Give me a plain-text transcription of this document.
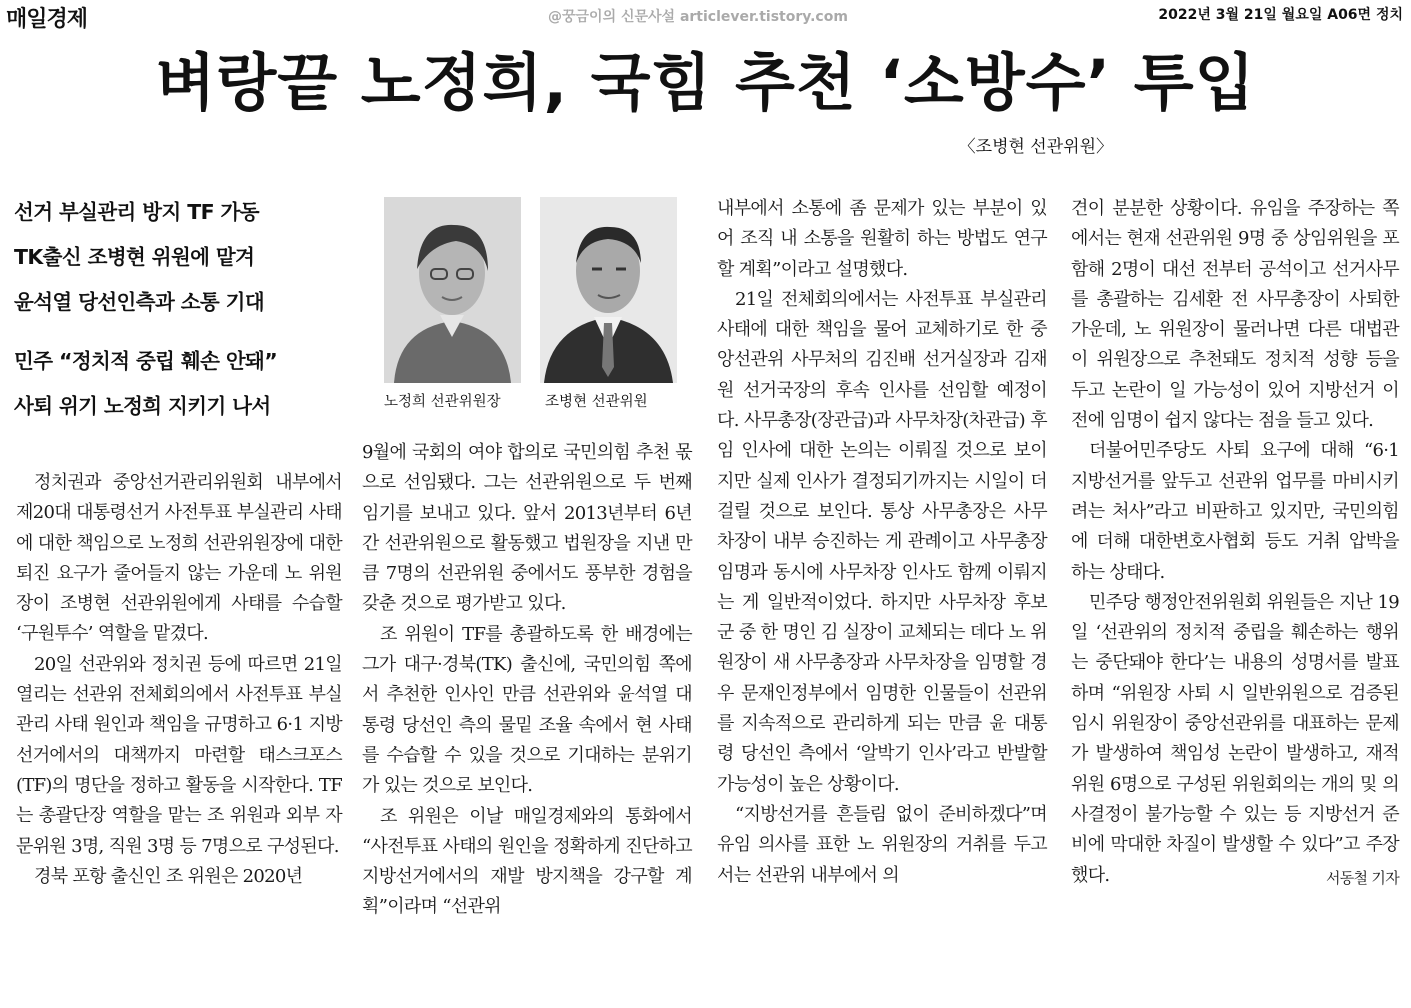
매일경제	@꿍금이의 신문사설 articlever.tistory.com	2022년 3월 21일 월요일 A06면 정치
벼랑끝 노정희, 국힘 추천 ‘소방수’ 투입
〈조병현 선관위원〉
선거 부실관리 방지 TF 가동
TK출신 조병현 위원에 맡겨
윤석열 당선인측과 소통 기대
민주 “정치적 중립 훼손 안돼”
사퇴 위기 노정희 지키기 나서	노정희 선관위원장	조병현 선관위원

정치권과 중앙선거관리위원회 내부에서 제20대 대통령선거 사전투표 부실관리 사태에 대한 책임으로 노정희 선관위원장에 대한 퇴진 요구가 줄어들지 않는 가운데 노 위원장이 조병현 선관위원에게 사태를 수습할 ‘구원투수’ 역할을 맡겼다.

20일 선관위와 정치권 등에 따르면 21일 열리는 선관위 전체회의에서 사전투표 부실관리 사태 원인과 책임을 규명하고 6·1 지방선거에서의 대책까지 마련할 태스크포스(TF)의 명단을 정하고 활동을 시작한다. TF는 총괄단장 역할을 맡는 조 위원과 외부 자문위원 3명, 직원 3명 등 7명으로 구성된다.

경북 포항 출신인 조 위원은 2020년

9월에 국회의 여야 합의로 국민의힘 추천 몫으로 선임됐다. 그는 선관위원으로 두 번째 임기를 보내고 있다. 앞서 2013년부터 6년간 선관위원으로 활동했고 법원장을 지낸 만큼 7명의 선관위원 중에서도 풍부한 경험을 갖춘 것으로 평가받고 있다.

조 위원이 TF를 총괄하도록 한 배경에는 그가 대구·경북(TK) 출신에, 국민의힘 쪽에서 추천한 인사인 만큼 선관위와 윤석열 대통령 당선인 측의 물밑 조율 속에서 현 사태를 수습할 수 있을 것으로 기대하는 분위기가 있는 것으로 보인다.

조 위원은 이날 매일경제와의 통화에서 “사전투표 사태의 원인을 정확하게 진단하고 지방선거에서의 재발 방지책을 강구할 계획”이라며 “선관위

내부에서 소통에 좀 문제가 있는 부분이 있어 조직 내 소통을 원활히 하는 방법도 연구할 계획”이라고 설명했다.

21일 전체회의에서는 사전투표 부실관리 사태에 대한 책임을 물어 교체하기로 한 중앙선관위 사무처의 김진배 선거실장과 김재원 선거국장의 후속 인사를 선임할 예정이다. 사무총장(장관급)과 사무차장(차관급) 후임 인사에 대한 논의는 이뤄질 것으로 보이지만 실제 인사가 결정되기까지는 시일이 더 걸릴 것으로 보인다. 통상 사무총장은 사무차장이 내부 승진하는 게 관례이고 사무총장 임명과 동시에 사무차장 인사도 함께 이뤄지는 게 일반적이었다. 하지만 사무차장 후보군 중 한 명인 김 실장이 교체되는 데다 노 위원장이 새 사무총장과 사무차장을 임명할 경우 문재인정부에서 임명한 인물들이 선관위를 지속적으로 관리하게 되는 만큼 윤 대통령 당선인 측에서 ‘알박기 인사’라고 반발할 가능성이 높은 상황이다.

“지방선거를 흔들림 없이 준비하겠다”며 유임 의사를 표한 노 위원장의 거취를 두고서는 선관위 내부에서 의

견이 분분한 상황이다. 유임을 주장하는 쪽에서는 현재 선관위원 9명 중 상임위원을 포함해 2명이 대선 전부터 공석이고 선거사무를 총괄하는 김세환 전 사무총장이 사퇴한 가운데, 노 위원장이 물러나면 다른 대법관이 위원장으로 추천돼도 정치적 성향 등을 두고 논란이 일 가능성이 있어 지방선거 이전에 임명이 쉽지 않다는 점을 들고 있다.

더불어민주당도 사퇴 요구에 대해 “6·1 지방선거를 앞두고 선관위 업무를 마비시키려는 처사”라고 비판하고 있지만, 국민의힘에 더해 대한변호사협회 등도 거취 압박을 하는 상태다.

민주당 행정안전위원회 위원들은 지난 19일 ‘선관위의 정치적 중립을 훼손하는 행위는 중단돼야 한다’는 내용의 성명서를 발표하며 “위원장 사퇴 시 일반위원으로 검증된 임시 위원장이 중앙선관위를 대표하는 문제가 발생하여 책임성 논란이 발생하고, 재적 위원 6명으로 구성된 위원회의는 개의 및 의사결정이 불가능할 수 있는 등 지방선거 준비에 막대한 차질이 발생할 수 있다”고 주장했다.	서동철 기자
